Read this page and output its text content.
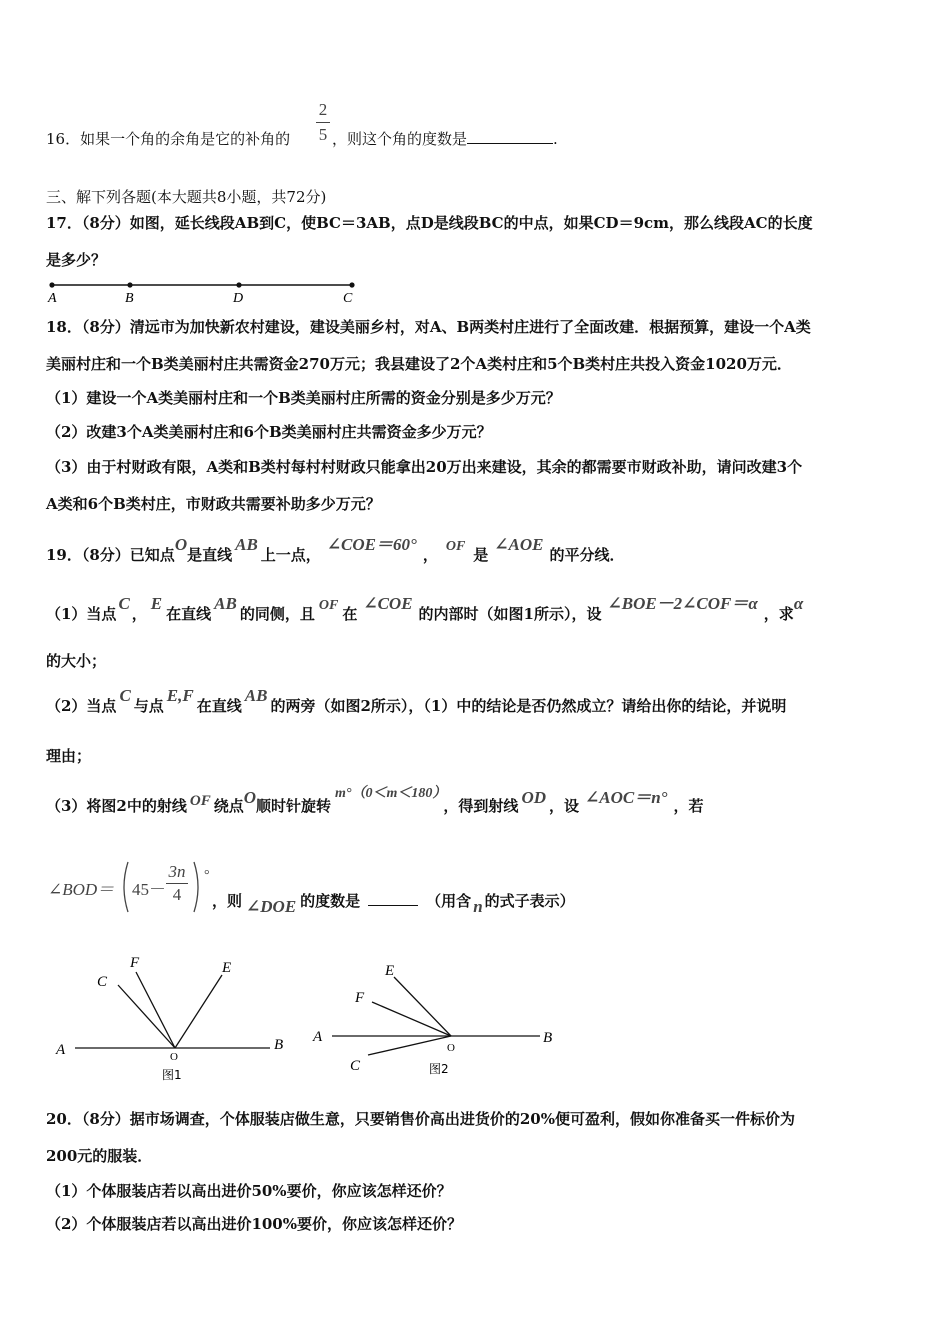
16．如果一个角的余角是它的补角的
2
5 ，则这个角的度数是	.
三、解下列各题(本大题共8小题，共72分)
17．（8分）如图，延长线段AB到C，使BC＝3AB，点D是线段BC的中点，如果CD＝9cm，那么线段AC的长度
是多少？
A	B	D	C
18．（8分）清远市为加快新农村建设，建设美丽乡村，对A、B两类村庄进行了全面改建．根据预算，建设一个A类
美丽村庄和一个B类美丽村庄共需资金270万元；我县建设了2个A类村庄和5个B类村庄共投入资金1020万元．
（1）建设一个A类美丽村庄和一个B类美丽村庄所需的资金分别是多少万元？
（2）改建3个A类美丽村庄和6个B类美丽村庄共需资金多少万元？
（3）由于村财政有限，A类和B类村每村村财政只能拿出20万出来建设，其余的都需要市财政补助，请问改建3个
A类和6个B类村庄，市财政共需要补助多少万元？
19．（8分）已知点O是直线AB上一点，∠COE＝60°， OF 是∠AOE的平分线．
（1）当点C，E在直线AB的同侧，且 OF 在∠COE的内部时（如图1所示），设∠BOE－2∠COF＝α，求α
的大小；
（2）当点C与点E,F在直线AB的两旁（如图2所示），（1）中的结论是否仍然成立？请给出你的结论，并说明
理由；
（3）将图2中的射线 OF 绕点O顺时针旋转m°（0＜m＜180），得到射线 OD ，设 ∠AOC＝n° ，若
∠BOD＝ 45－
3n
4
°
，则 ∠DOE 的度数是	（用含 n 的式子表示）
A	B
C
F	E
O
图1
A	B
E
F
C
O
图2
20．（8分）据市场调查，个体服装店做生意，只要销售价高出进货价的20%便可盈利，假如你准备买一件标价为
200元的服装．
（1）个体服装店若以高出进价50%要价，你应该怎样还价？
（2）个体服装店若以高出进价100%要价，你应该怎样还价？
